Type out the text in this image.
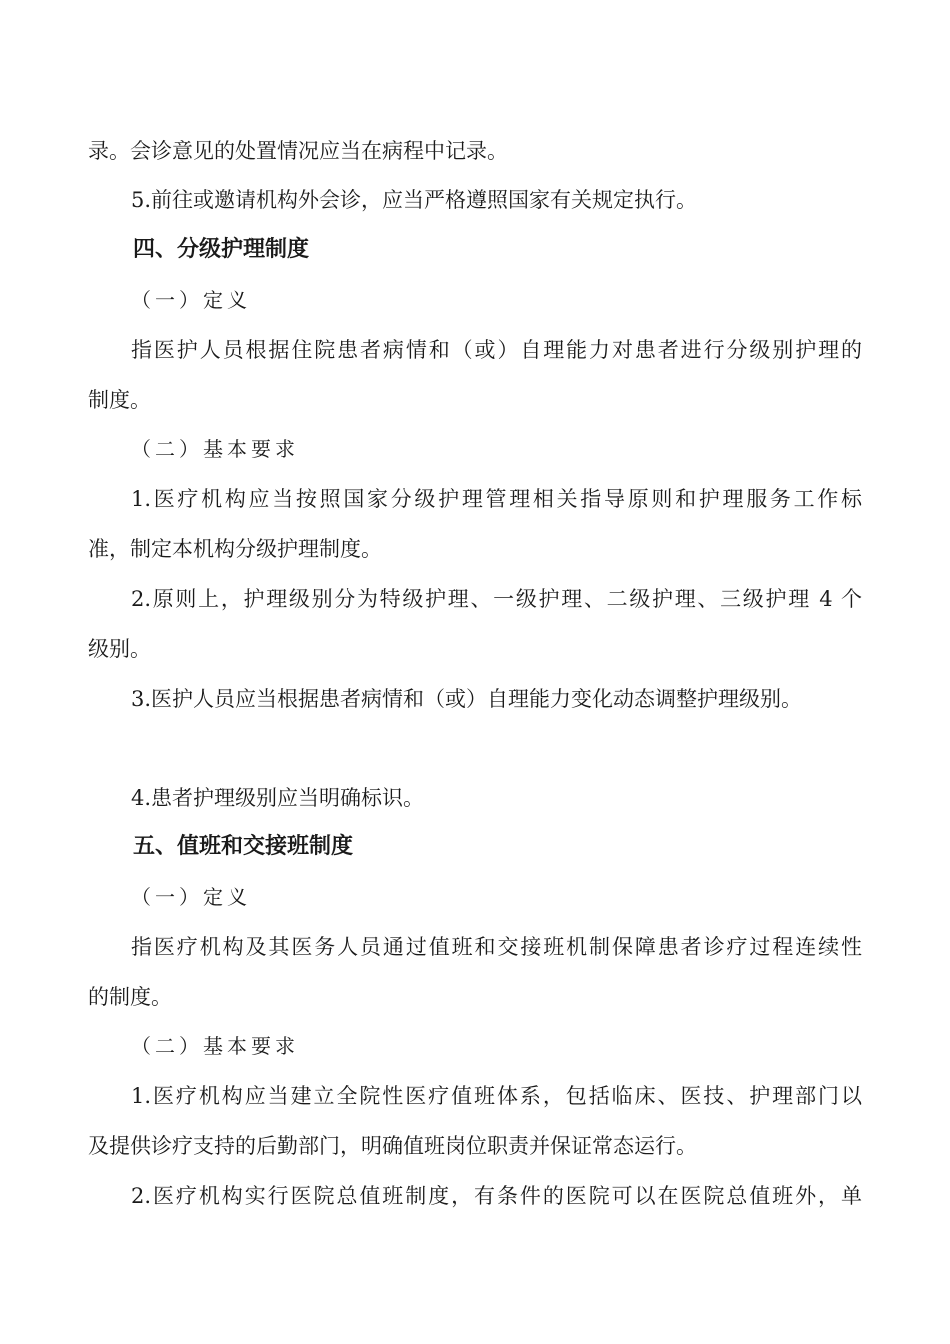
录。会诊意见的处置情况应当在病程中记录。
5.前往或邀请机构外会诊，应当严格遵照国家有关规定执行。
四、分级护理制度
（一）定义
指医护人员根据住院患者病情和（或）自理能力对患者进行分级别护理的
制度。
（二）基本要求
1.医疗机构应当按照国家分级护理管理相关指导原则和护理服务工作标
准，制定本机构分级护理制度。
2.原则上，护理级别分为特级护理、一级护理、二级护理、三级护理 4 个
级别。
3.医护人员应当根据患者病情和（或）自理能力变化动态调整护理级别。
4.患者护理级别应当明确标识。
五、值班和交接班制度
（一）定义
指医疗机构及其医务人员通过值班和交接班机制保障患者诊疗过程连续性
的制度。
（二）基本要求
1.医疗机构应当建立全院性医疗值班体系，包括临床、医技、护理部门以
及提供诊疗支持的后勤部门，明确值班岗位职责并保证常态运行。
2.医疗机构实行医院总值班制度，有条件的医院可以在医院总值班外，单
